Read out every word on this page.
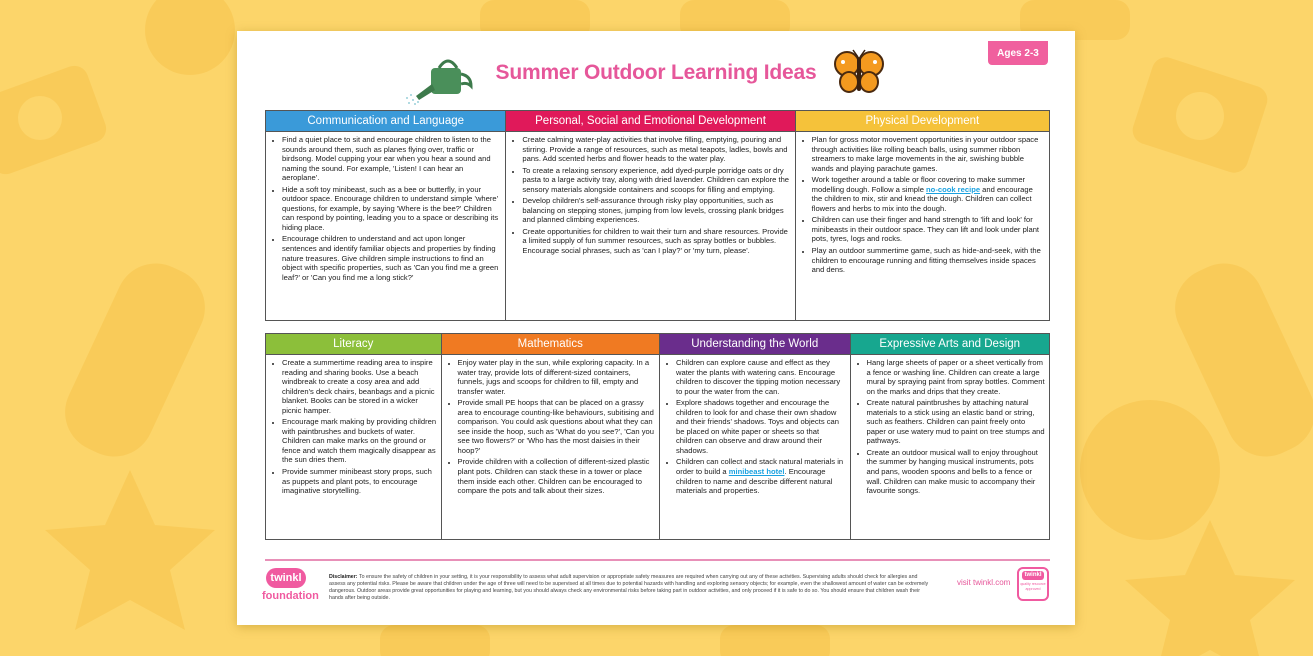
Ages 2-3
Summer Outdoor Learning Ideas
Communication and Language
• Find a quiet place to sit and encourage children to listen to the sounds around them, such as planes flying over, traffic or birdsong. Model cupping your ear when you hear a sound and naming the sound. For example, 'Listen! I can hear an aeroplane'.
• Hide a soft toy minibeast, such as a bee or butterfly, in your outdoor space. Encourage children to understand simple 'where' questions, for example, by saying 'Where is the bee?' Children can respond by pointing, leading you to a space or describing its hiding place.
• Encourage children to understand and act upon longer sentences and identify familiar objects and properties by finding nature treasures. Give children simple instructions to find an object with specific properties, such as 'Can you find me a green leaf?' or 'Can you find me a long stick?'
Personal, Social and Emotional Development
• Create calming water-play activities that involve filling, emptying, pouring and stirring. Provide a range of resources, such as metal teapots, ladles, bowls and pans. Add scented herbs and flower heads to the water play.
• To create a relaxing sensory experience, add dyed-purple porridge oats or dry pasta to a large activity tray, along with dried lavender. Children can explore the sensory materials alongside containers and scoops for filling and emptying.
• Develop children's self-assurance through risky play opportunities, such as balancing on stepping stones, jumping from low levels, crossing plank bridges and planned climbing experiences.
• Create opportunities for children to wait their turn and share resources. Provide a limited supply of fun summer resources, such as spray bottles or bubbles. Encourage social phrases, such as 'can I play?' or 'my turn, please'.
Physical Development
• Plan for gross motor movement opportunities in your outdoor space through activities like rolling beach balls, using summer ribbon streamers to make large movements in the air, swishing bubble wands and playing parachute games.
• Work together around a table or floor covering to make summer modelling dough. Follow a simple no-cook recipe and encourage the children to mix, stir and knead the dough. Children can collect flowers and herbs to mix into the dough.
• Children can use their finger and hand strength to 'lift and look' for minibeasts in their outdoor space. They can lift and look under plant pots, tyres, logs and rocks.
• Play an outdoor summertime game, such as hide-and-seek, with the children to encourage running and fitting themselves inside spaces and dens.
Literacy
• Create a summertime reading area to inspire reading and sharing books. Use a beach windbreak to create a cosy area and add children's deck chairs, beanbags and a picnic blanket. Books can be stored in a wicker picnic hamper.
• Encourage mark making by providing children with paintbrushes and buckets of water. Children can make marks on the ground or fence and watch them magically disappear as the sun dries them.
• Provide summer minibeast story props, such as puppets and plant pots, to encourage imaginative storytelling.
Mathematics
• Enjoy water play in the sun, while exploring capacity. In a water tray, provide lots of different-sized containers, funnels, jugs and scoops for children to fill, empty and transfer water.
• Provide small PE hoops that can be placed on a grassy area to encourage counting-like behaviours, subitising and comparison. You could ask questions about what they can see inside the hoop, such as 'What do you see?', 'Can you see two flowers?' or 'Who has the most daisies in their hoop?'
• Provide children with a collection of different-sized plastic plant pots. Children can stack these in a tower or place them inside each other. Children can be encouraged to compare the pots and talk about their sizes.
Understanding the World
• Children can explore cause and effect as they water the plants with watering cans. Encourage children to discover the tipping motion necessary to pour the water from the can.
• Explore shadows together and encourage the children to look for and chase their own shadow and their friends' shadows. Toys and objects can be placed on white paper or sheets so that children can observe and draw around their shadows.
• Children can collect and stack natural materials in order to build a minibeast hotel. Encourage children to name and describe different natural materials and properties.
Expressive Arts and Design
• Hang large sheets of paper or a sheet vertically from a fence or washing line. Children can create a large mural by spraying paint from spray bottles. Comment on the marks and drips that they create.
• Create natural paintbrushes by attaching natural materials to a stick using an elastic band or string, such as feathers. Children can paint freely onto paper or use watery mud to paint on tree stumps and pathways.
• Create an outdoor musical wall to enjoy throughout the summer by hanging musical instruments, pots and pans, wooden spoons and bells to a fence or wall. Children can make music to accompany their favourite songs.
twinkl
foundation
Disclaimer: To ensure the safety of children in your setting, it is your responsibility to assess what adult supervision or appropriate safety measures are required when carrying out any of these activities. Supervising adults should check for allergies and assess any potential risks. Please be aware that children under the age of three will need to be supervised at all times due to potential hazards with handling and exploring sensory objects; for example, even the shallowest amount of water can be extremely dangerous. Outdoor areas provide great opportunities for playing and learning, but you should always check any environmental risks before taking part in outdoor activities, and only proceed if it is safe to do so. You should ensure that children wash their hands after being outside.
visit twinkl.com
twinkl
quality resource approved
